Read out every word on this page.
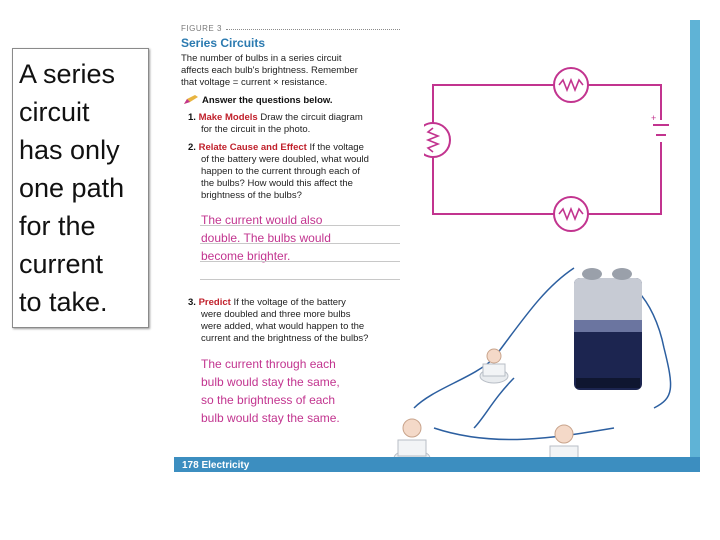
A series
circuit
has only
one path
for the
current
to take.
FIGURE 3
Series Circuits
The number of bulbs in a series circuit
affects each bulb's brightness. Remember
that voltage = current × resistance.
Answer the questions below.
1. Make Models Draw the circuit diagram
for the circuit in the photo.
2. Relate Cause and Effect If the voltage
of the battery were doubled, what would
happen to the current through each of
the bulbs? How would this affect the
brightness of the bulbs?
The current would also
double. The bulbs would
become brighter.
3. Predict If the voltage of the battery
were doubled and three more bulbs
were added, what would happen to the
current and the brightness of the bulbs?
The current through each
bulb would stay the same,
so the brightness of each
bulb would stay the same.
+
178 Electricity
